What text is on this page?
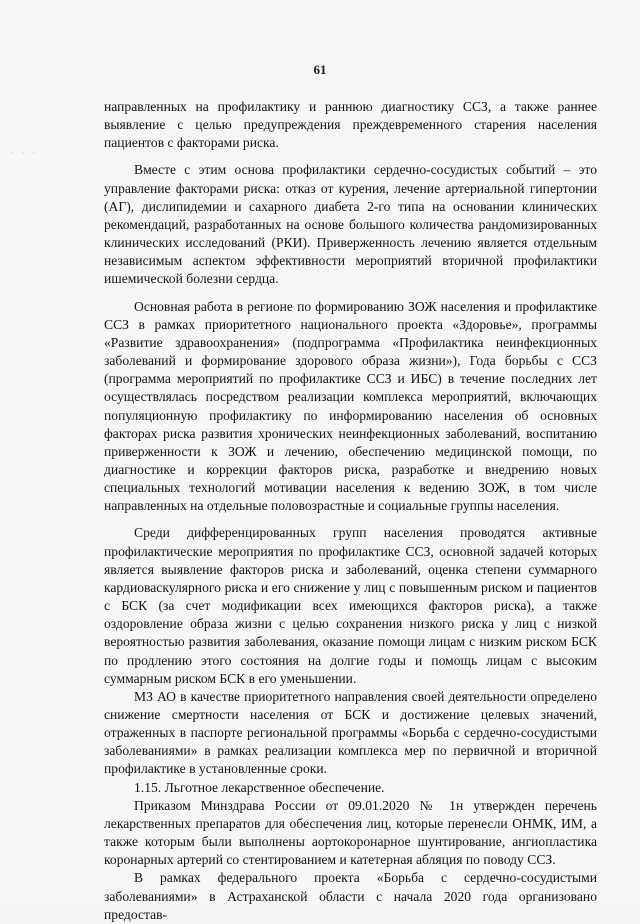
61
· · ·

направленных на профилактику и раннюю диагностику ССЗ, а также раннее выявление с целью предупреждения преждевременного старения населения пациентов с факторами риска.

Вместе с этим основа профилактики сердечно-сосудистых событий – это управление факторами риска: отказ от курения, лечение артериальной гипертонии (АГ), дислипидемии и сахарного диабета 2-го типа на основании клинических рекомендаций, разработанных на основе большого количества рандомизированных клинических исследований (РКИ). Приверженность лечению является отдельным независимым аспектом эффективности мероприятий вторичной профилактики ишемической болезни сердца.

Основная работа в регионе по формированию ЗОЖ населения и профилактике ССЗ в рамках приоритетного национального проекта «Здоровье», программы «Развитие здравоохранения» (подпрограмма «Профилактика неинфекционных заболеваний и формирование здорового образа жизни»), Года борьбы с ССЗ (программа мероприятий по профилактике ССЗ и ИБС) в течение последних лет осуществлялась посредством реализации комплекса мероприятий, включающих популяционную профилактику по информированию населения об основных факторах риска развития хронических неинфекционных заболеваний, воспитанию приверженности к ЗОЖ и лечению, обеспечению медицинской помощи, по диагностике и коррекции факторов риска, разработке и внедрению новых специальных технологий мотивации населения к ведению ЗОЖ, в том числе направленных на отдельные половозрастные и социальные группы населения.

Среди дифференцированных групп населения проводятся активные профилактические мероприятия по профилактике ССЗ, основной задачей которых является выявление факторов риска и заболеваний, оценка степени суммарного кардиоваскулярного риска и его снижение у лиц с повышенным риском и пациентов с БСК (за счет модификации всех имеющихся факторов риска), а также оздоровление образа жизни с целью сохранения низкого риска у лиц с низкой вероятностью развития заболевания, оказание помощи лицам с низким риском БСК по продлению этого состояния на долгие годы и помощь лицам с высоким суммарным риском БСК в его уменьшении.

МЗ АО в качестве приоритетного направления своей деятельности определено снижение смертности населения от БСК и достижение целевых значений, отраженных в паспорте региональной программы «Борьба с сердечно-сосудистыми заболеваниями» в рамках реализации комплекса мер по первичной и вторичной профилактике в установленные сроки.

1.15. Льготное лекарственное обеспечение.

Приказом Минздрава России от 09.01.2020 № 1н утвержден перечень лекарственных препаратов для обеспечения лиц, которые перенесли ОНМК, ИМ, а также которым были выполнены аортокоронарное шунтирование, ангиопластика коронарных артерий со стентированием и катетерная абляция по поводу ССЗ.

В рамках федерального проекта «Борьба с сердечно-сосудистыми заболеваниями» в Астраханской области с начала 2020 года организовано предостав-
